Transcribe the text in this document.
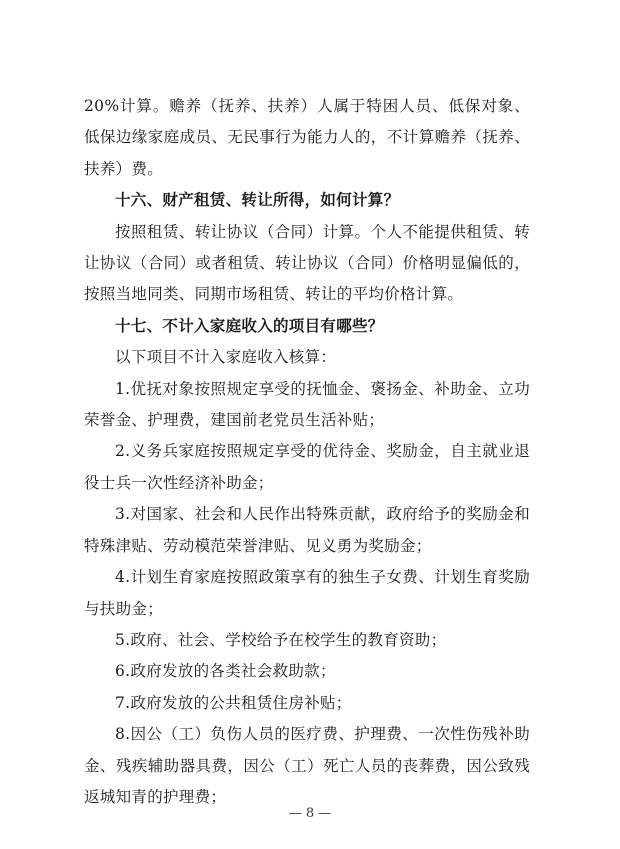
20%计算。赡养（抚养、扶养）人属于特困人员、低保对象、低保边缘家庭成员、无民事行为能力人的，不计算赡养（抚养、扶养）费。

十六、财产租赁、转让所得，如何计算？

按照租赁、转让协议（合同）计算。个人不能提供租赁、转让协议（合同）或者租赁、转让协议（合同）价格明显偏低的，按照当地同类、同期市场租赁、转让的平均价格计算。

十七、不计入家庭收入的项目有哪些？

以下项目不计入家庭收入核算：

1.优抚对象按照规定享受的抚恤金、褒扬金、补助金、立功荣誉金、护理费，建国前老党员生活补贴；

2.义务兵家庭按照规定享受的优待金、奖励金，自主就业退役士兵一次性经济补助金；

3.对国家、社会和人民作出特殊贡献，政府给予的奖励金和特殊津贴、劳动模范荣誉津贴、见义勇为奖励金；

4.计划生育家庭按照政策享有的独生子女费、计划生育奖励与扶助金；

5.政府、社会、学校给予在校学生的教育资助；

6.政府发放的各类社会救助款；

7.政府发放的公共租赁住房补贴；

8.因公（工）负伤人员的医疗费、护理费、一次性伤残补助金、残疾辅助器具费，因公（工）死亡人员的丧葬费，因公致残返城知青的护理费；

— 8 —
